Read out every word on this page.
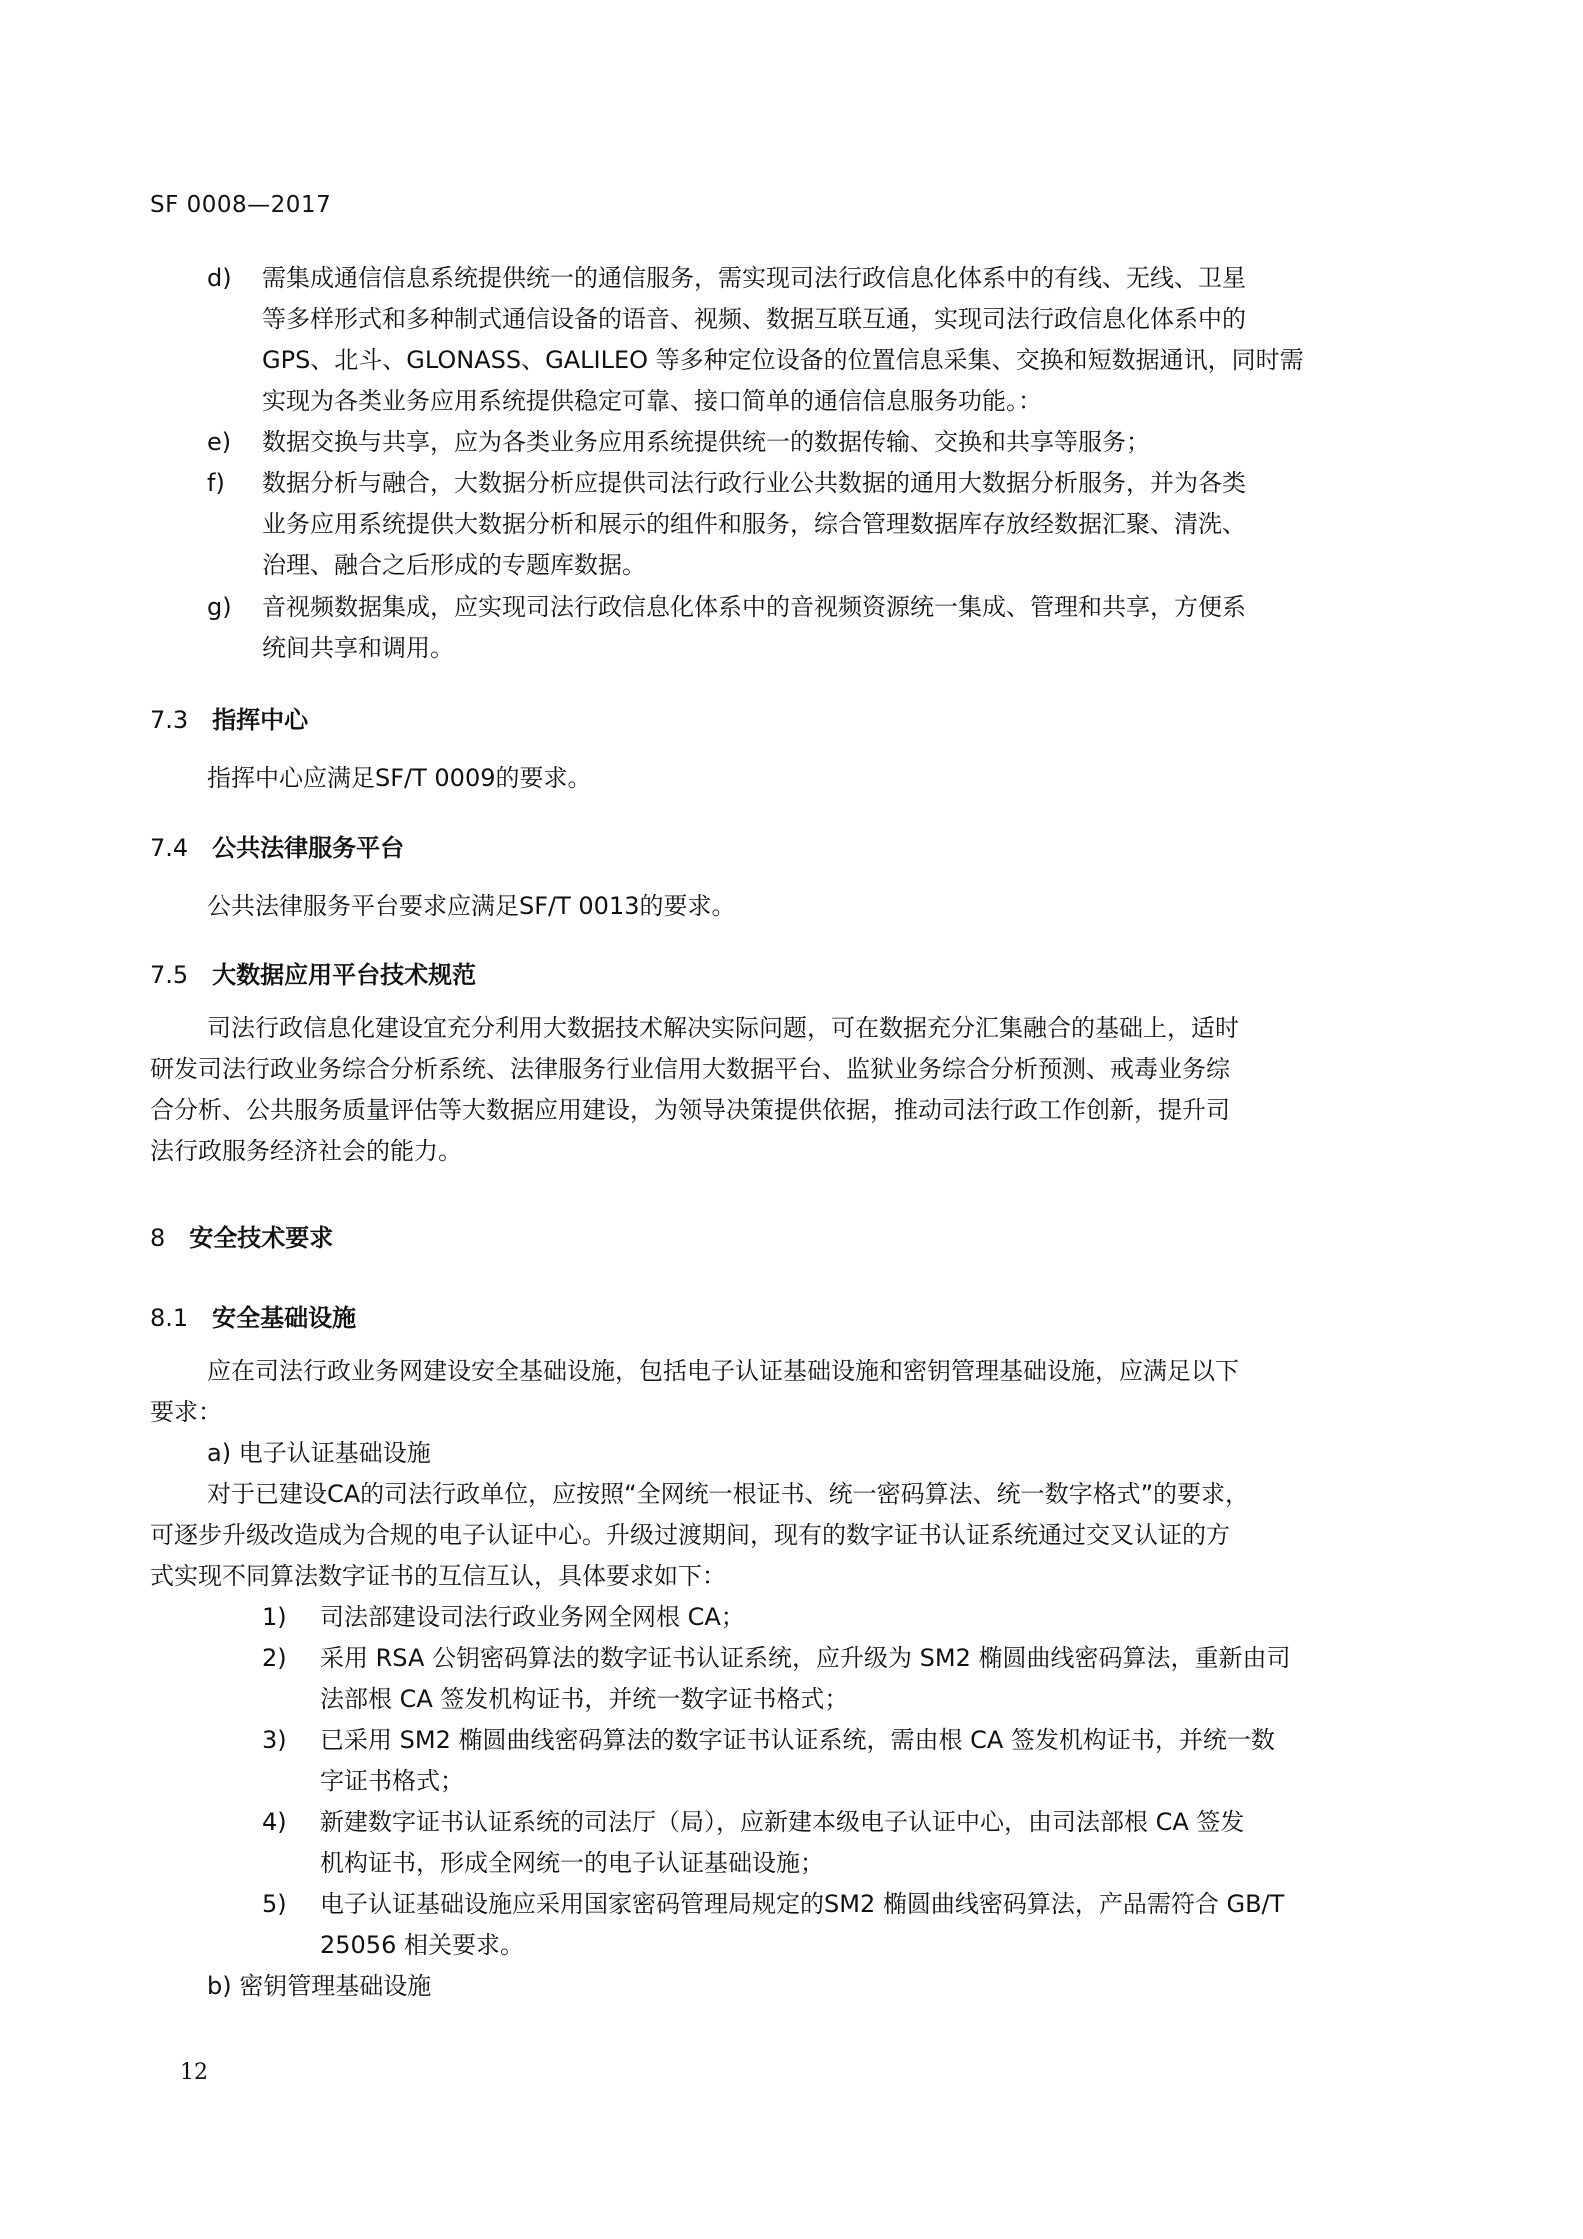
SF 0008—2017
d) 需集成通信信息系统提供统一的通信服务，需实现司法行政信息化体系中的有线、无线、卫星
等多样形式和多种制式通信设备的语音、视频、数据互联互通，实现司法行政信息化体系中的
GPS、北斗、GLONASS、GALILEO 等多种定位设备的位置信息采集、交换和短数据通讯，同时需
实现为各类业务应用系统提供稳定可靠、接口简单的通信信息服务功能。：
e) 数据交换与共享，应为各类业务应用系统提供统一的数据传输、交换和共享等服务；
f) 数据分析与融合，大数据分析应提供司法行政行业公共数据的通用大数据分析服务，并为各类
业务应用系统提供大数据分析和展示的组件和服务，综合管理数据库存放经数据汇聚、清洗、
治理、融合之后形成的专题库数据。
g) 音视频数据集成，应实现司法行政信息化体系中的音视频资源统一集成、管理和共享，方便系
统间共享和调用。
7.3 指挥中心
指挥中心应满足SF/T 0009的要求。
7.4 公共法律服务平台
公共法律服务平台要求应满足SF/T 0013的要求。
7.5 大数据应用平台技术规范
司法行政信息化建设宜充分利用大数据技术解决实际问题，可在数据充分汇集融合的基础上，适时
研发司法行政业务综合分析系统、法律服务行业信用大数据平台、监狱业务综合分析预测、戒毒业务综
合分析、公共服务质量评估等大数据应用建设，为领导决策提供依据，推动司法行政工作创新，提升司
法行政服务经济社会的能力。
8 安全技术要求
8.1 安全基础设施
应在司法行政业务网建设安全基础设施，包括电子认证基础设施和密钥管理基础设施，应满足以下
要求：
a) 电子认证基础设施
对于已建设CA的司法行政单位，应按照“全网统一根证书、统一密码算法、统一数字格式”的要求，
可逐步升级改造成为合规的电子认证中心。升级过渡期间，现有的数字证书认证系统通过交叉认证的方
式实现不同算法数字证书的互信互认，具体要求如下：
1) 司法部建设司法行政业务网全网根 CA；
2) 采用 RSA 公钥密码算法的数字证书认证系统，应升级为 SM2 椭圆曲线密码算法，重新由司
法部根 CA 签发机构证书，并统一数字证书格式；
3) 已采用 SM2 椭圆曲线密码算法的数字证书认证系统，需由根 CA 签发机构证书，并统一数
字证书格式；
4) 新建数字证书认证系统的司法厅（局），应新建本级电子认证中心，由司法部根 CA 签发
机构证书，形成全网统一的电子认证基础设施；
5) 电子认证基础设施应采用国家密码管理局规定的SM2 椭圆曲线密码算法，产品需符合 GB/T
25056 相关要求。
b) 密钥管理基础设施
12
